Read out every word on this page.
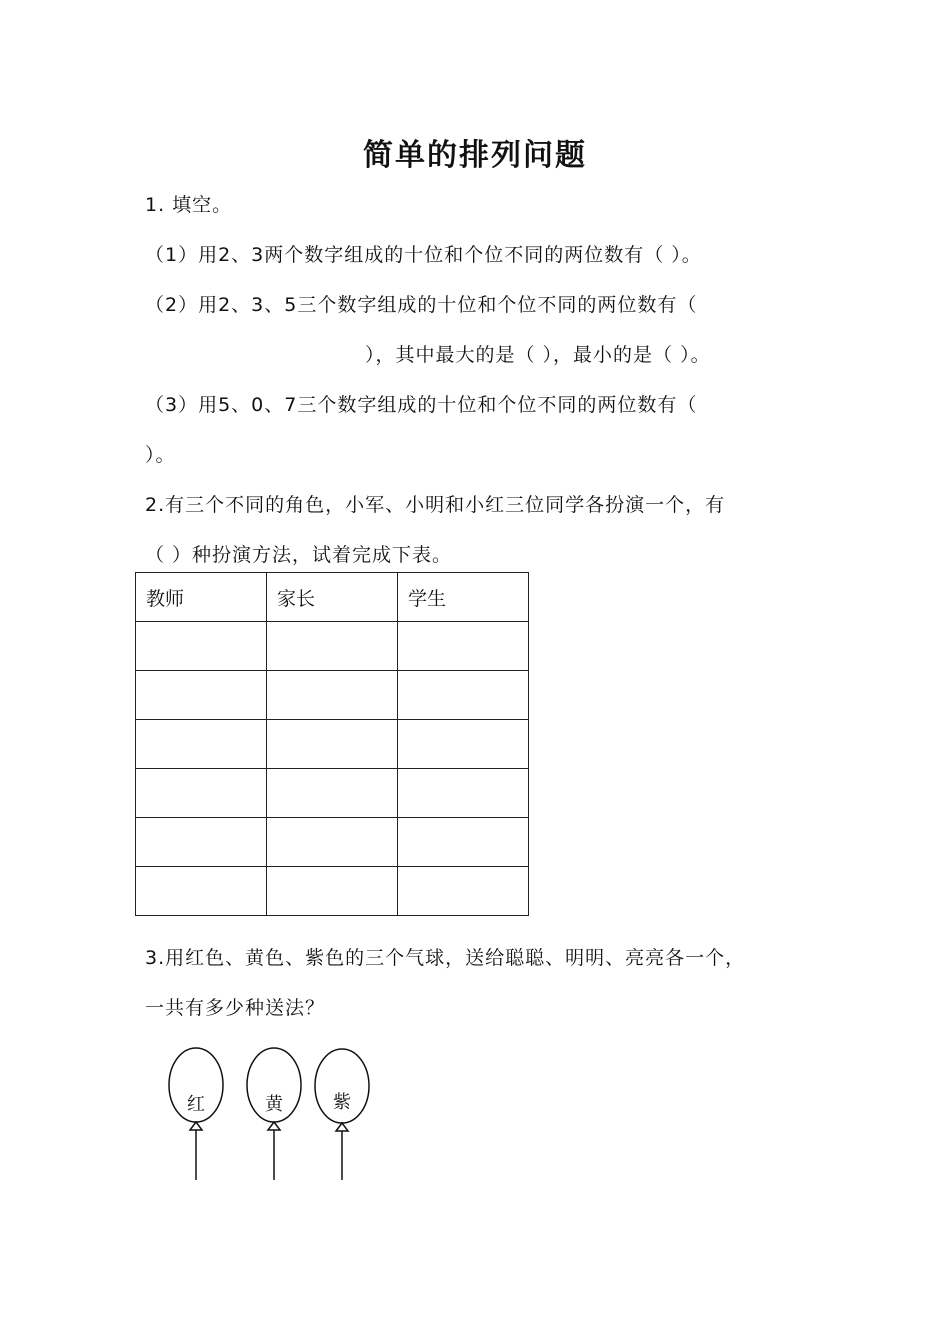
简单的排列问题
1. 填空。
（1）用2、3两个数字组成的十位和个位不同的两位数有（ ）。
（2）用2、3、5三个数字组成的十位和个位不同的两位数有（
），其中最大的是（ ），最小的是（ ）。
（3）用5、0、7三个数字组成的十位和个位不同的两位数有（
）。
2.有三个不同的角色，小军、小明和小红三位同学各扮演一个，有
（ ）种扮演方法，试着完成下表。
教师	家长	学生

3.用红色、黄色、紫色的三个气球，送给聪聪、明明、亮亮各一个，
一共有多少种送法？
红	黄	紫
